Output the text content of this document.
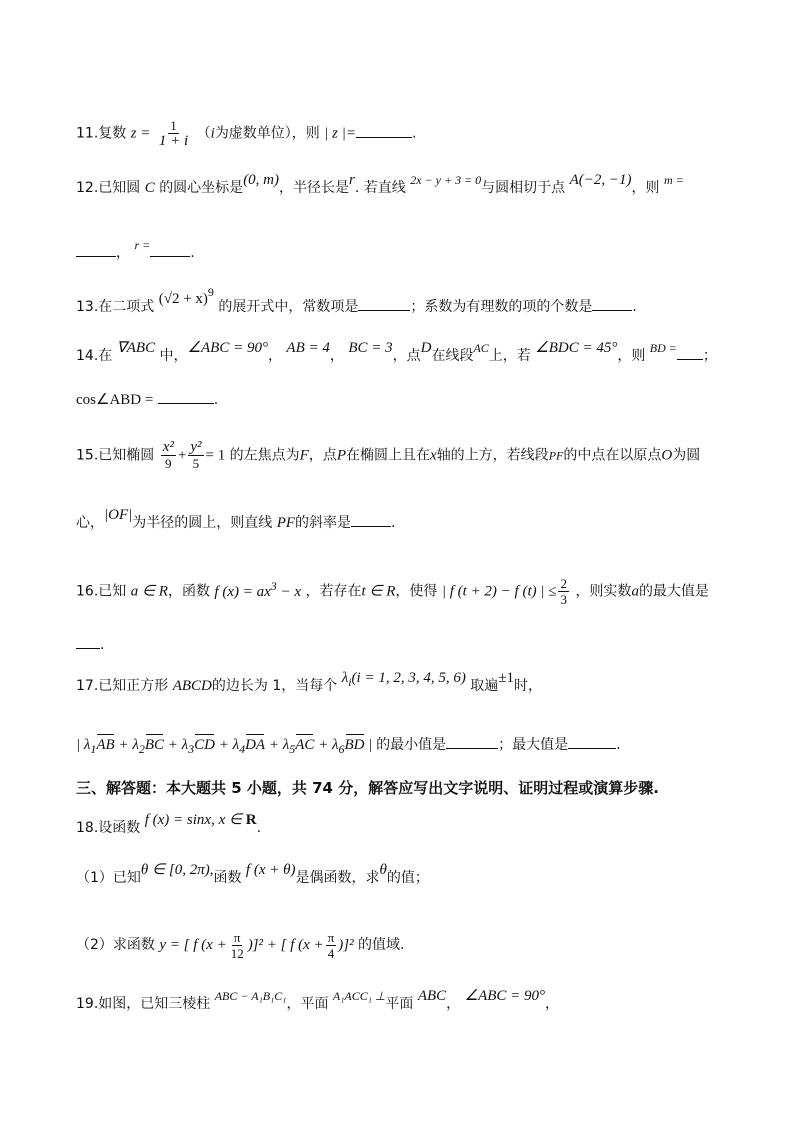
11.复数 $z = \frac{1}{1 + i} (i$为虚数单位），则 | z |=	.
12.已知圆 C 的圆心坐标是(0, m)，半径长是r. 若直线 2x − y + 3 = 0与圆相切于点 A(−2, −1)，则 m =
， r =	.
13.在二项式 $(√2 + x)^9$ 的展开式中，常数项是	；系数为有理数的项的个数是	.
14.在 ∇ABC 中，∠ABC = 90°， AB = 4， BC = 3，点D在线段AC上，若 ∠BDC = 45°，则 BD = ；
cos∠ABD =	.
15.已知椭圆 $\frac{\text{x²}}{9} + \frac{\text{y²}}{5} = 1$ 的左焦点为F，点P在椭圆上且在x轴的上方，若线段PF的中点在以原点O为圆
心，|OF|为半径的圆上，则直线 PF的斜率是	.
16.已知 a ∈ R，函数 f $(x) = ax^3 - x$ ，若存在t ∈ R，使得 | f (t + 2) − f (t) | ≤ $\frac{2}{3}$ ，则实数a的最大值是
.
17.已知正方形 ABCD的边长为 1，当每个 $\lambda_i(i = 1$, 2, 3, 4, 5, 6) 取遍±1时，
| $\lambda_1AB + \lambda_2BC + \lambda_3CD + \lambda_4DA + \lambda_5AC + \lambda_6BD$ | 的最小值是	；最大值是	.
三、解答题：本大题共 5 小题，共 74 分，解答应写出文字说明、证明过程或演算步骤.
18.设函数 f (x) = sinx, x ∈ R.
（1）已知θ ∈ [0, 2π),函数 f (x + θ)是偶函数，求θ的值；
（2）求函数 y = [ f $(x + \frac{\pi}{12} )]^2$ + [ f $(x + \frac{\pi}{4} )]^2$ 的值域.
19.如图，已知三棱柱 ABC − A₁B₁C₁，平面 A₁ACC₁ ⊥平面 ABC， ∠ABC = 90°，
